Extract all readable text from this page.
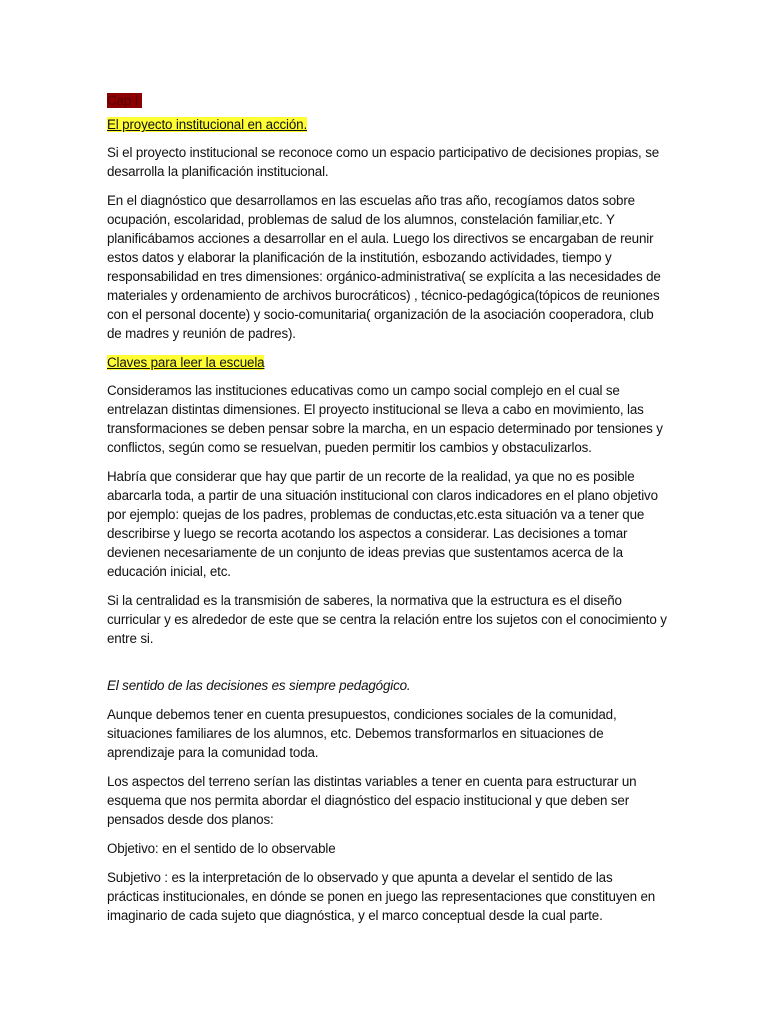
Cap I.

El proyecto institucional en acción.

Si el proyecto institucional se reconoce como un espacio participativo de decisiones propias, se desarrolla la planificación institucional.

En el diagnóstico que desarrollamos en las escuelas año tras año, recogíamos datos sobre ocupación, escolaridad, problemas de salud de los alumnos, constelación familiar,etc. Y planificábamos acciones a desarrollar en el aula. Luego los directivos se encargaban de reunir estos datos y elaborar la planificación de la institutión, esbozando actividades, tiempo y responsabilidad en tres dimensiones: orgánico-administrativa( se explícita a las necesidades de materiales y ordenamiento de archivos burocráticos) , técnico-pedagógica(tópicos de reuniones con el personal docente) y socio-comunitaria( organización de la asociación cooperadora, club de madres y reunión de padres).

Claves para leer la escuela

Consideramos las instituciones educativas como un campo social complejo en el cual se entrelazan distintas dimensiones. El proyecto institucional se lleva a cabo en movimiento, las transformaciones se deben pensar sobre la marcha, en un espacio determinado por tensiones y conflictos, según como se resuelvan, pueden permitir los cambios y obstaculizarlos.

Habría que considerar que hay que partir de un recorte de la realidad, ya que no es posible abarcarla toda, a partir de una situación institucional con claros indicadores en el plano objetivo por ejemplo: quejas de los padres, problemas de conductas,etc.esta situación va a tener que describirse y luego se recorta acotando los aspectos a considerar. Las decisiones a tomar devienen necesariamente de un conjunto de ideas previas que sustentamos acerca de la educación inicial, etc.

Si la centralidad es la transmisión de saberes, la normativa que la estructura es el diseño curricular y es alrededor de este que se centra la relación entre los sujetos con el conocimiento y entre si.

El sentido de las decisiones es siempre pedagógico.

Aunque debemos tener en cuenta presupuestos, condiciones sociales de la comunidad, situaciones familiares de los alumnos, etc. Debemos transformarlos en situaciones de aprendizaje para la comunidad toda.

Los aspectos del terreno serían las distintas variables a tener en cuenta para estructurar un esquema que nos permita abordar el diagnóstico del espacio institucional y que deben ser pensados desde dos planos:

Objetivo: en el sentido de lo observable

Subjetivo : es la interpretación de lo observado y que apunta a develar el sentido de las prácticas institucionales, en dónde se ponen en juego las representaciones que constituyen en imaginario de cada sujeto que diagnóstica, y el marco conceptual desde la cual parte.
